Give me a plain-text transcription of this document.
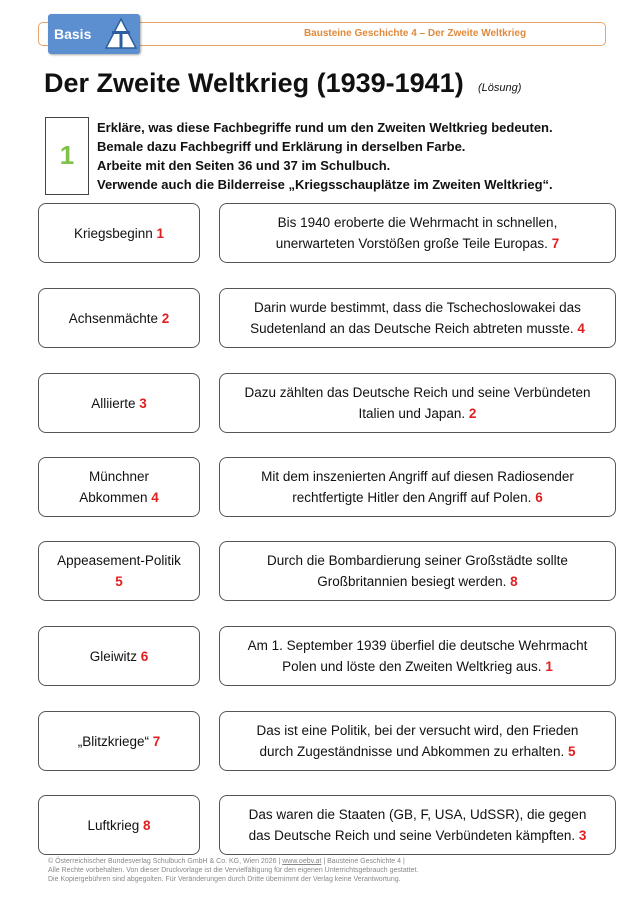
Bausteine Geschichte 4 – Der Zweite Weltkrieg
Basis
Der Zweite Weltkrieg (1939-1941) (Lösung)
1
Erkläre, was diese Fachbegriffe rund um den Zweiten Weltkrieg bedeuten.
Bemale dazu Fachbegriff und Erklärung in derselben Farbe.
Arbeite mit den Seiten 36 und 37 im Schulbuch.
Verwende auch die Bilderreise „Kriegsschauplätze im Zweiten Weltkrieg“.
Kriegsbeginn 1
Bis 1940 eroberte die Wehrmacht in schnellen,
unerwarteten Vorstößen große Teile Europas. 7
Achsenmächte 2
Darin wurde bestimmt, dass die Tschechoslowakei das
Sudetenland an das Deutsche Reich abtreten musste. 4
Alliierte 3
Dazu zählten das Deutsche Reich und seine Verbündeten
Italien und Japan. 2
Münchner
Abkommen 4
Mit dem inszenierten Angriff auf diesen Radiosender
rechtfertigte Hitler den Angriff auf Polen. 6
Appeasement-Politik
5
Durch die Bombardierung seiner Großstädte sollte
Großbritannien besiegt werden. 8
Gleiwitz 6
Am 1. September 1939 überfiel die deutsche Wehrmacht
Polen und löste den Zweiten Weltkrieg aus. 1
„Blitzkriege“ 7
Das ist eine Politik, bei der versucht wird, den Frieden
durch Zugeständnisse und Abkommen zu erhalten. 5
Luftkrieg 8
Das waren die Staaten (GB, F, USA, UdSSR), die gegen
das Deutsche Reich und seine Verbündeten kämpften. 3
© Österreichischer Bundesverlag Schulbuch GmbH & Co. KG, Wien 2026 | www.oebv.at | Bausteine Geschichte 4 |
Alle Rechte vorbehalten. Von dieser Druckvorlage ist die Vervielfältigung für den eigenen Unterrichtsgebrauch gestattet.
Die Kopiergebühren sind abgegolten. Für Veränderungen durch Dritte übernimmt der Verlag keine Verantwortung.
